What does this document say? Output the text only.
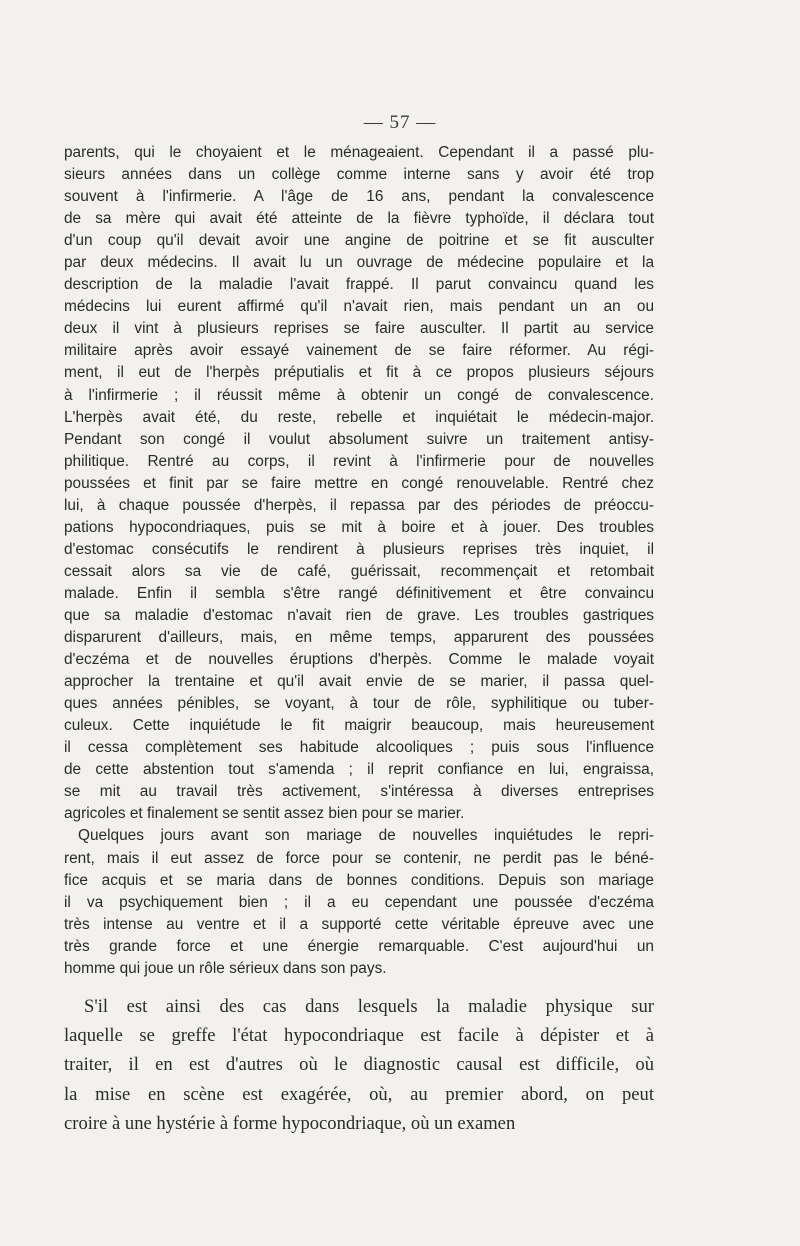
— 57 —
parents, qui le choyaient et le ménageaient. Cependant il a passé plu-
sieurs années dans un collège comme interne sans y avoir été trop
souvent à l'infirmerie. A l'âge de 16 ans, pendant la convalescence
de sa mère qui avait été atteinte de la fièvre typhoïde, il déclara tout
d'un coup qu'il devait avoir une angine de poitrine et se fit ausculter
par deux médecins. Il avait lu un ouvrage de médecine populaire et la
description de la maladie l'avait frappé. Il parut convaincu quand les
médecins lui eurent affirmé qu'il n'avait rien, mais pendant un an ou
deux il vint à plusieurs reprises se faire ausculter. Il partit au service
militaire après avoir essayé vainement de se faire réformer. Au régi-
ment, il eut de l'herpès préputialis et fit à ce propos plusieurs séjours
à l'infirmerie ; il réussit même à obtenir un congé de convalescence.
L'herpès avait été, du reste, rebelle et inquiétait le médecin-major.
Pendant son congé il voulut absolument suivre un traitement antisy-
philitique. Rentré au corps, il revint à l'infirmerie pour de nouvelles
poussées et finit par se faire mettre en congé renouvelable. Rentré chez
lui, à chaque poussée d'herpès, il repassa par des périodes de préoccu-
pations hypocondriaques, puis se mit à boire et à jouer. Des troubles
d'estomac consécutifs le rendirent à plusieurs reprises très inquiet, il
cessait alors sa vie de café, guérissait, recommençait et retombait
malade. Enfin il sembla s'être rangé définitivement et être convaincu
que sa maladie d'estomac n'avait rien de grave. Les troubles gastriques
disparurent d'ailleurs, mais, en même temps, apparurent des poussées
d'eczéma et de nouvelles éruptions d'herpès. Comme le malade voyait
approcher la trentaine et qu'il avait envie de se marier, il passa quel-
ques années pénibles, se voyant, à tour de rôle, syphilitique ou tuber-
culeux. Cette inquiétude le fit maigrir beaucoup, mais heureusement
il cessa complètement ses habitude alcooliques ; puis sous l'influence
de cette abstention tout s'amenda ; il reprit confiance en lui, engraissa,
se mit au travail très activement, s'intéressa à diverses entreprises
agricoles et finalement se sentit assez bien pour se marier.
Quelques jours avant son mariage de nouvelles inquiétudes le repri-
rent, mais il eut assez de force pour se contenir, ne perdit pas le béné-
fice acquis et se maria dans de bonnes conditions. Depuis son mariage
il va psychiquement bien ; il a eu cependant une poussée d'eczéma
très intense au ventre et il a supporté cette véritable épreuve avec une
très grande force et une énergie remarquable. C'est aujourd'hui un
homme qui joue un rôle sérieux dans son pays.
S'il est ainsi des cas dans lesquels la maladie physique sur
laquelle se greffe l'état hypocondriaque est facile à dépister et à
traiter, il en est d'autres où le diagnostic causal est difficile, où
la mise en scène est exagérée, où, au premier abord, on peut
croire à une hystérie à forme hypocondriaque, où un examen
